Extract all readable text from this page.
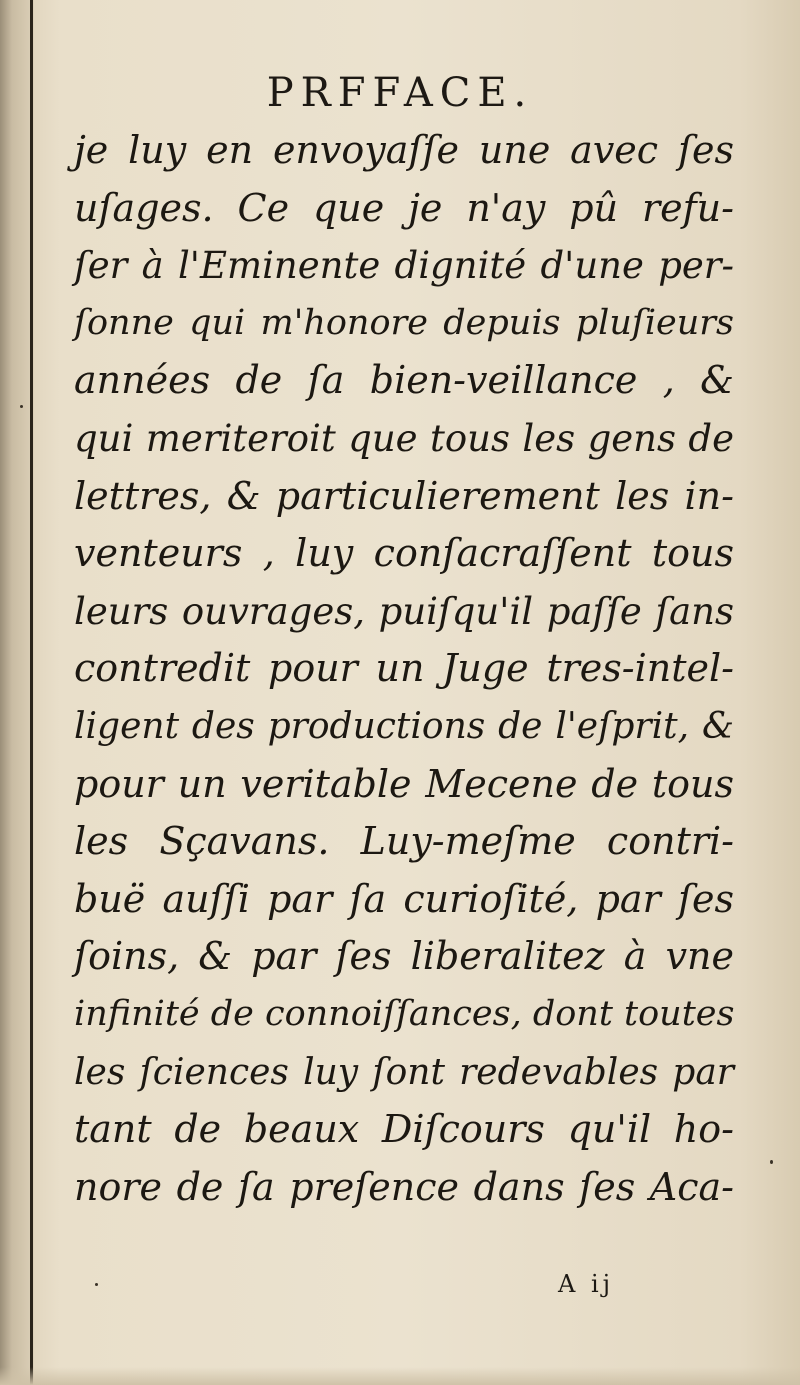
PRFFACE.
je luy en envoyaſſe une avec ſes
uſages. Ce que je n'ay pû refu-
ſer à l'Eminente dignité d'une per-
ſonne qui m'honore depuis pluſieurs
années de ſa bien-veillance , &
qui meriteroit que tous les gens de
lettres, & particulierement les in-
venteurs , luy conſacraſſent tous
leurs ouvrages, puiſqu'il paſſe ſans
contredit pour un Juge tres-intel-
ligent des productions de l'eſprit, &
pour un veritable Mecene de tous
les Sçavans. Luy-meſme contri-
buë auſſi par ſa curioſité, par ſes
ſoins, & par ſes liberalitez à vne
infinité de connoiſſances, dont toutes
les ſciences luy ſont redevables par
tant de beaux Diſcours qu'il ho-
nore de ſa preſence dans ſes Aca-
A ij
